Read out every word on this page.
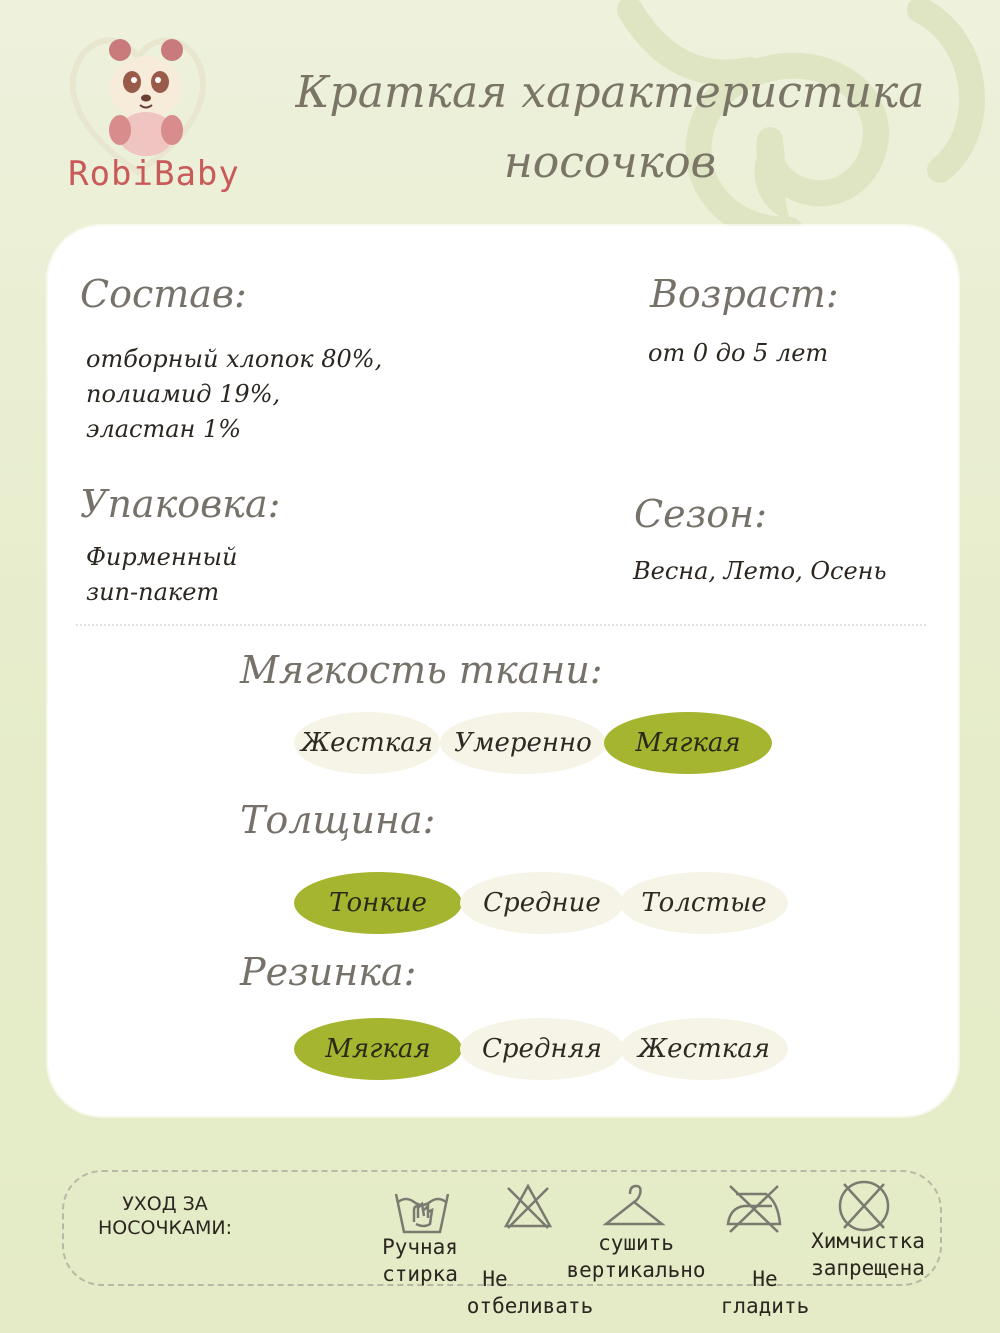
RobiBaby
Краткая характеристика
носочков
Состав:
отборный хлопок 80%,
полиамид 19%,
эластан 1%
Возраст:
от 0 до 5 лет
Упаковка:
Фирменный
зип-пакет
Сезон:
Весна, Лето, Осень
Мягкость ткани:
Жесткая Умеренно	Мягкая
Толщина:
Тонкие	Средние	Толстые
Резинка:
Мягкая	Средняя	Жесткая
УХОД ЗА
НОСОЧКАМИ:
Ручная
стирка	Не
отбеливать
сушить
вертикально	Не
гладить
Химчистка
запрещена
